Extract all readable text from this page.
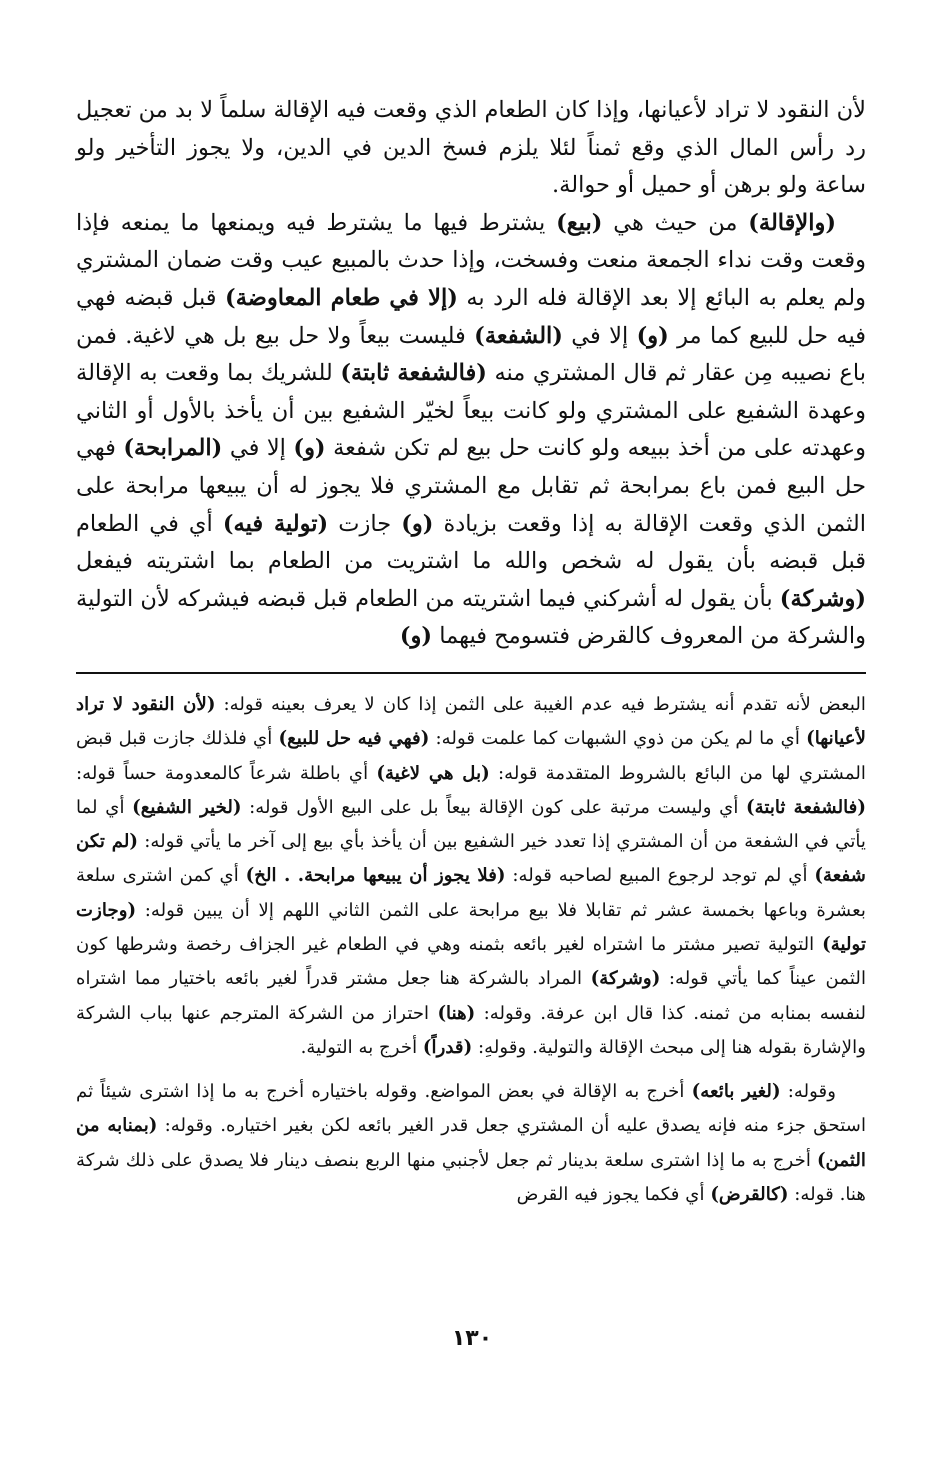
لأن النقود لا تراد لأعيانها، وإذا كان الطعام الذي وقعت فيه الإقالة سلماً لا بد من تعجيل رد رأس المال الذي وقع ثمناً لئلا يلزم فسخ الدين في الدين، ولا يجوز التأخير ولو ساعة ولو برهن أو حميل أو حوالة.

(والإقالة) من حيث هي (بيع) يشترط فيها ما يشترط فيه ويمنعها ما يمنعه فإذا وقعت وقت نداء الجمعة منعت وفسخت، وإذا حدث بالمبيع عيب وقت ضمان المشتري ولم يعلم به البائع إلا بعد الإقالة فله الرد به (إلا في طعام المعاوضة) قبل قبضه فهي فيه حل للبيع كما مر (و) إلا في (الشفعة) فليست بيعاً ولا حل بيع بل هي لاغية. فمن باع نصيبه مِن عقار ثم قال المشتري منه (فالشفعة ثابتة) للشريك بما وقعت به الإقالة وعهدة الشفيع على المشتري ولو كانت بيعاً لخيّر الشفيع بين أن يأخذ بالأول أو الثاني وعهدته على من أخذ ببيعه ولو كانت حل بيع لم تكن شفعة (و) إلا في (المرابحة) فهي حل البيع فمن باع بمرابحة ثم تقابل مع المشتري فلا يجوز له أن يبيعها مرابحة على الثمن الذي وقعت الإقالة به إذا وقعت بزيادة (و) جازت (تولية فيه) أي في الطعام قبل قبضه بأن يقول له شخص والله ما اشتريت من الطعام بما اشتريته فيفعل (وشركة) بأن يقول له أشركني فيما اشتريته من الطعام قبل قبضه فيشركه لأن التولية والشركة من المعروف كالقرض فتسومح فيهما (و)

البعض لأنه تقدم أنه يشترط فيه عدم الغيبة على الثمن إذا كان لا يعرف بعينه قوله: (لأن النقود لا تراد لأعيانها) أي ما لم يكن من ذوي الشبهات كما علمت قوله: (فهي فيه حل للبيع) أي فلذلك جازت قبل قبض المشتري لها من البائع بالشروط المتقدمة قوله: (بل هي لاغية) أي باطلة شرعاً كالمعدومة حساً قوله: (فالشفعة ثابتة) أي وليست مرتبة على كون الإقالة بيعاً بل على البيع الأول قوله: (لخير الشفيع) أي لما يأتي في الشفعة من أن المشتري إذا تعدد خير الشفيع بين أن يأخذ بأي بيع إلى آخر ما يأتي قوله: (لم تكن شفعة) أي لم توجد لرجوع المبيع لصاحبه قوله: (فلا يجوز أن يبيعها مرابحة. . الخ) أي كمن اشترى سلعة بعشرة وباعها بخمسة عشر ثم تقابلا فلا بيع مرابحة على الثمن الثاني اللهم إلا أن يبين قوله: (وجازت تولية) التولية تصير مشتر ما اشتراه لغير بائعه بثمنه وهي في الطعام غير الجزاف رخصة وشرطها كون الثمن عيناً كما يأتي قوله: (وشركة) المراد بالشركة هنا جعل مشتر قدراً لغير بائعه باختيار مما اشتراه لنفسه بمنابه من ثمنه. كذا قال ابن عرفة. وقوله: (هنا) احتراز من الشركة المترجم عنها بباب الشركة والإشارة بقوله هنا إلى مبحث الإقالة والتولية. وقولهِ: (قدراً) أخرج به التولية.

وقوله: (لغير بائعه) أخرج به الإقالة في بعض المواضع. وقوله باختياره أخرج به ما إذا اشترى شيئاً ثم استحق جزء منه فإنه يصدق عليه أن المشتري جعل قدر الغير بائعه لكن بغير اختياره. وقوله: (بمنابه من الثمن) أخرج به ما إذا اشترى سلعة بدينار ثم جعل لأجنبي منها الربع بنصف دينار فلا يصدق على ذلك شركة هنا. قوله: (كالقرض) أي فكما يجوز فيه القرض

١٣٠
